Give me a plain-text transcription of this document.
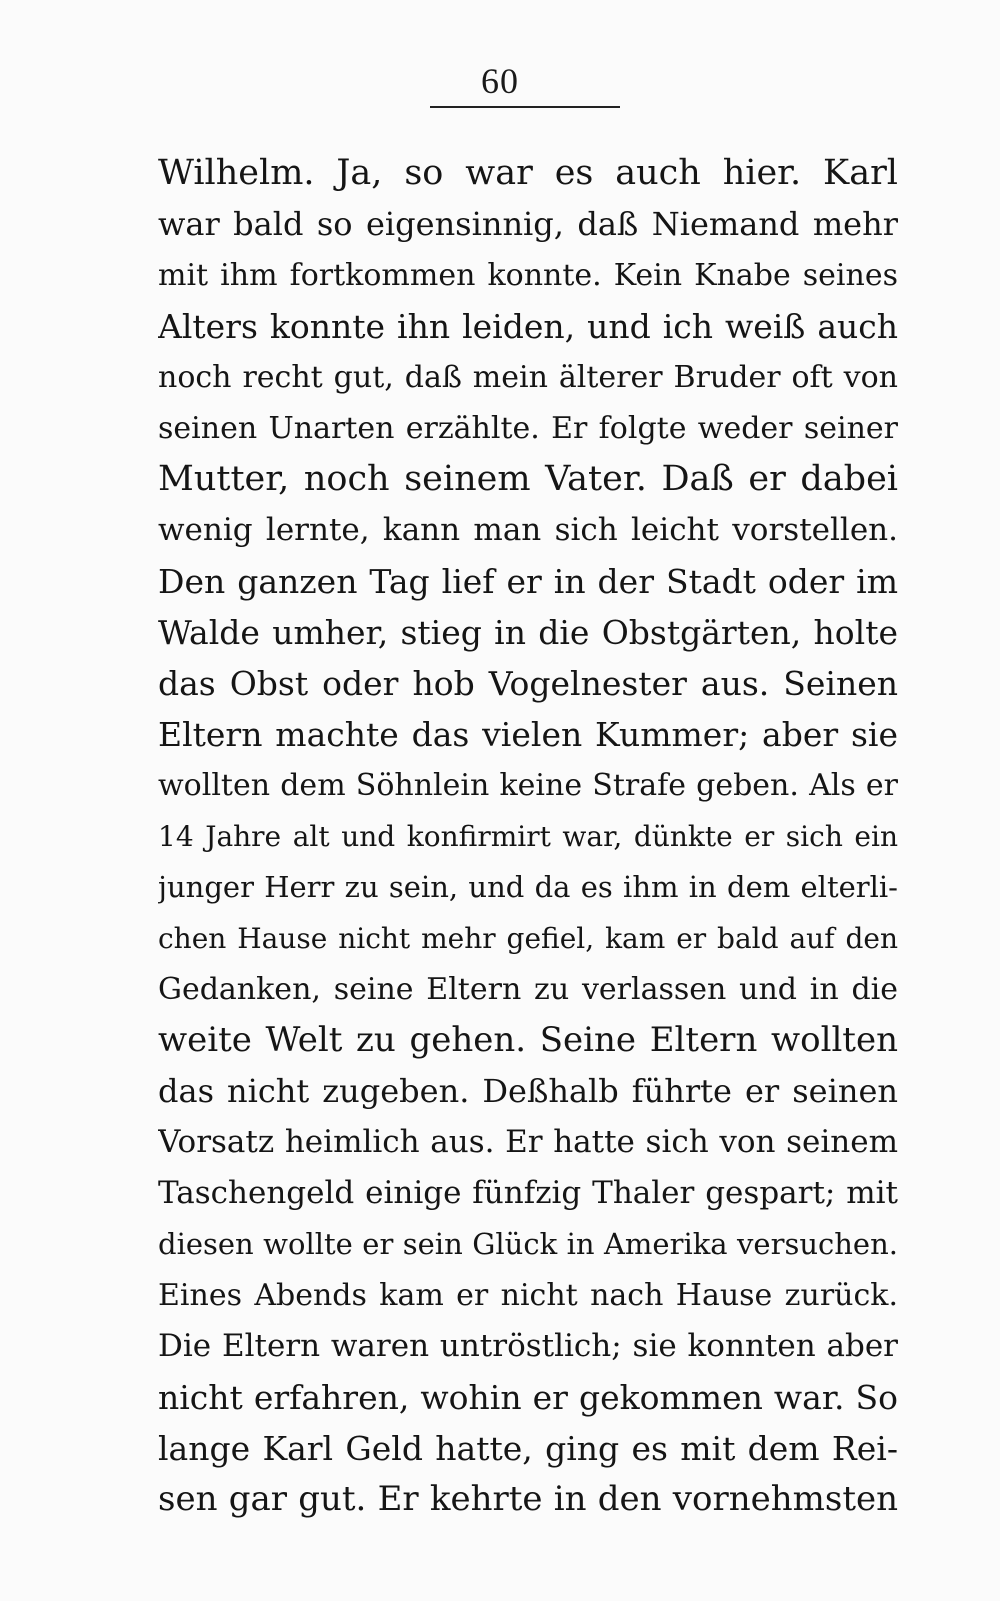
60
Wilhelm. Ja, so war es auch hier. Karl
war bald so eigensinnig, daß Niemand mehr
mit ihm fortkommen konnte. Kein Knabe seines
Alters konnte ihn leiden, und ich weiß auch
noch recht gut, daß mein älterer Bruder oft von
seinen Unarten erzählte. Er folgte weder seiner
Mutter, noch seinem Vater. Daß er dabei
wenig lernte, kann man sich leicht vorstellen.
Den ganzen Tag lief er in der Stadt oder im
Walde umher, stieg in die Obstgärten, holte
das Obst oder hob Vogelnester aus. Seinen
Eltern machte das vielen Kummer; aber sie
wollten dem Söhnlein keine Strafe geben. Als er
14 Jahre alt und konfirmirt war, dünkte er sich ein
junger Herr zu sein, und da es ihm in dem elterli-
chen Hause nicht mehr gefiel, kam er bald auf den
Gedanken, seine Eltern zu verlassen und in die
weite Welt zu gehen. Seine Eltern wollten
das nicht zugeben. Deßhalb führte er seinen
Vorsatz heimlich aus. Er hatte sich von seinem
Taschengeld einige fünfzig Thaler gespart; mit
diesen wollte er sein Glück in Amerika versuchen.
Eines Abends kam er nicht nach Hause zurück.
Die Eltern waren untröstlich; sie konnten aber
nicht erfahren, wohin er gekommen war. So
lange Karl Geld hatte, ging es mit dem Rei-
sen gar gut. Er kehrte in den vornehmsten
